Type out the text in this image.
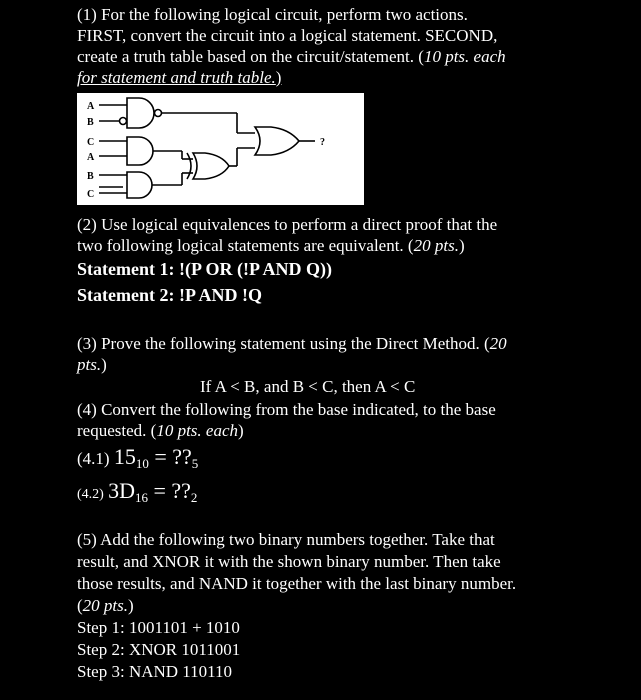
(1) For the following logical circuit, perform two actions.
FIRST, convert the circuit into a logical statement. SECOND,
create a truth table based on the circuit/statement. (10 pts. each
for statement and truth table.)
A
B
C
A
B
C
?
(2) Use logical equivalences to perform a direct proof that the
two following logical statements are equivalent. (20 pts.)
Statement 1: !(P OR (!P AND Q))
Statement 2: !P AND !Q
(3) Prove the following statement using the Direct Method. (20
pts.)
If A < B, and B < C, then A < C
(4) Convert the following from the base indicated, to the base
requested. (10 pts. each)
(4.1) $15_{10}$ = $??_5$
(4.2) $3D_{16}$ = $??_2$
(5) Add the following two binary numbers together. Take that
result, and XNOR it with the shown binary number. Then take
those results, and NAND it together with the last binary number.
(20 pts.)
Step 1: 1001101 + 1010
Step 2: XNOR 1011001
Step 3: NAND 110110
